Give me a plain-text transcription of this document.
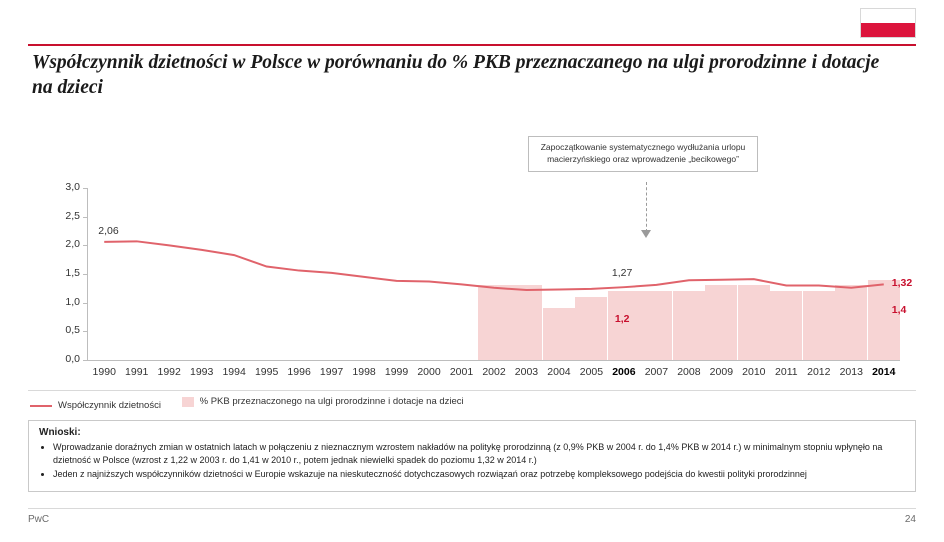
Współczynnik dzietności w Polsce w porównaniu do % PKB przeznaczanego na ulgi prorodzinne i dotacje na dzieci
Zapoczątkowanie systematycznego wydłużania urlopu macierzyńskiego oraz wprowadzenie „becikowego”
0,0
0,5
1,0
1,5
2,0
2,5
3,0
1990 1991 1992 1993 1994 1995 1996 1997 1998 1999 2000 2001 2002 2003 2004 2005 2006 2007 2008 2009 2010 2011 2012 2013 2014
2,06
1,27
1,2
1,32
1,4
Współczynnik dzietności
	% PKB przeznaczonego na ulgi prorodzinne i dotacje na dzieci
Wnioski:
• Wprowadzanie doraźnych zmian w ostatnich latach w połączeniu z nieznacznym wzrostem nakładów na politykę prorodzinną (z 0,9% PKB w 2004 r. do 1,4% PKB w 2014 r.) w minimalnym stopniu wpłynęło na dzietność w Polsce (wzrost z 1,22 w 2003 r. do 1,41 w 2010 r., potem jednak niewielki spadek do poziomu 1,32 w 2014 r.)
• Jeden z najniższych współczynników dzietności w Europie wskazuje na nieskuteczność dotychczasowych rozwiązań oraz potrzebę kompleksowego podejścia do kwestii polityki prorodzinnej
PwC	24
